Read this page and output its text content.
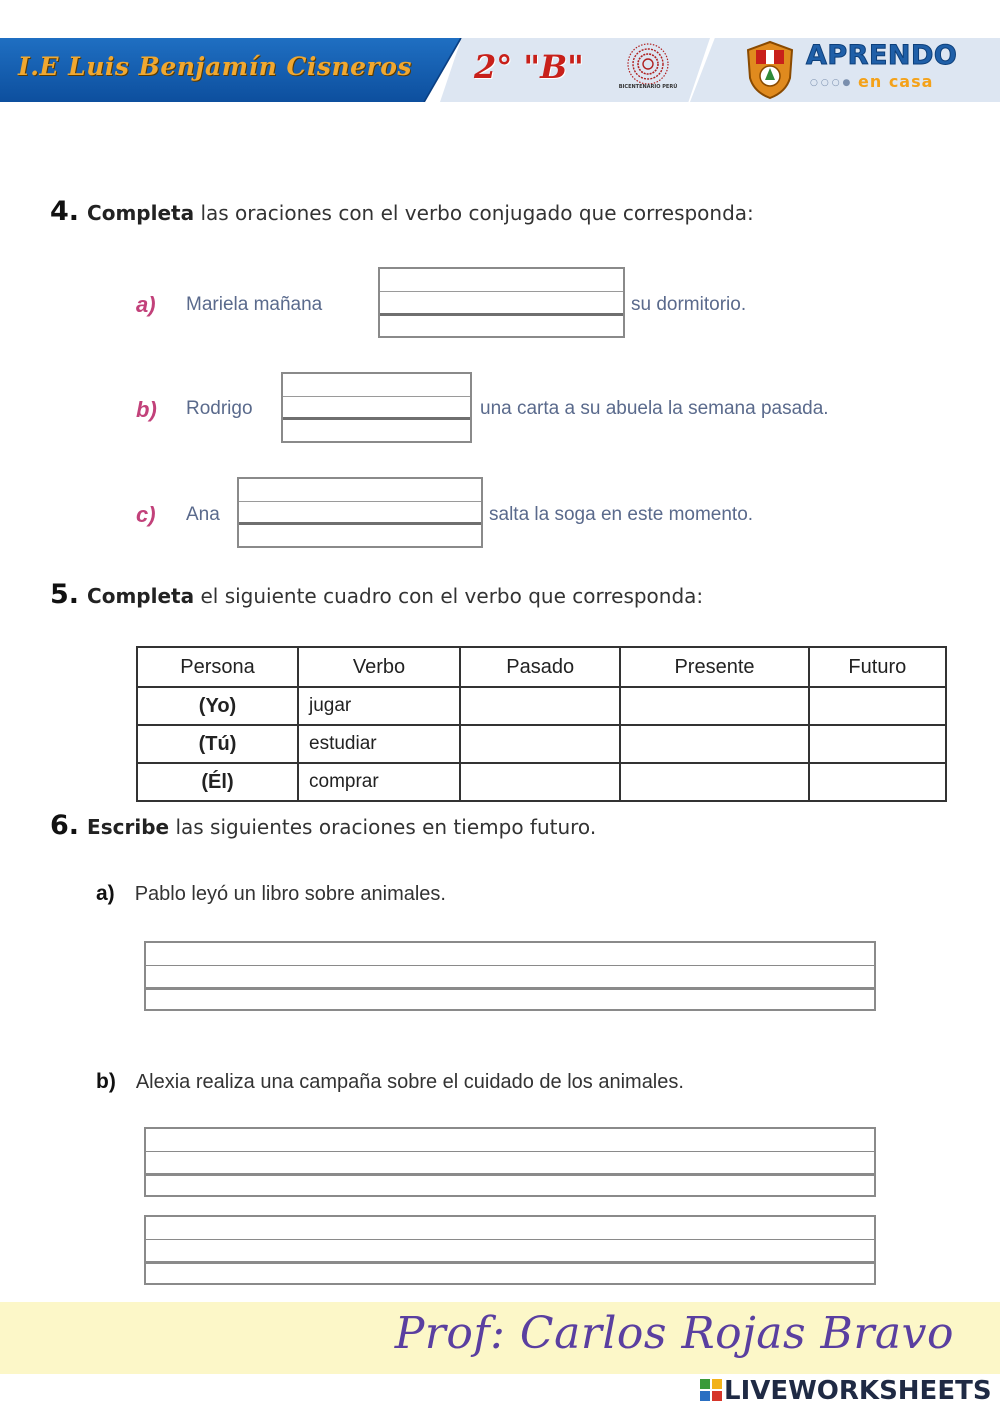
I.E Luis Benjamín Cisneros 2° "B"
BICENTENARIO PERÚ
APRENDO
○○○● en casa
4. Completa las oraciones con el verbo conjugado que corresponda:
a) Mariela mañana	su dormitorio.
b) Rodrigo	una carta a su abuela la semana pasada.
c) Ana	salta la soga en este momento.
5. Completa el siguiente cuadro con el verbo que corresponda:
Persona	Verbo	Pasado	Presente	Futuro
(Yo)	jugar			
(Tú)	estudiar			
(Él)	comprar			
6. Escribe las siguientes oraciones en tiempo futuro.
a) Pablo leyó un libro sobre animales.
b) Alexia realiza una campaña sobre el cuidado de los animales.
Prof: Carlos Rojas Bravo
LIVEWORKSHEETS
